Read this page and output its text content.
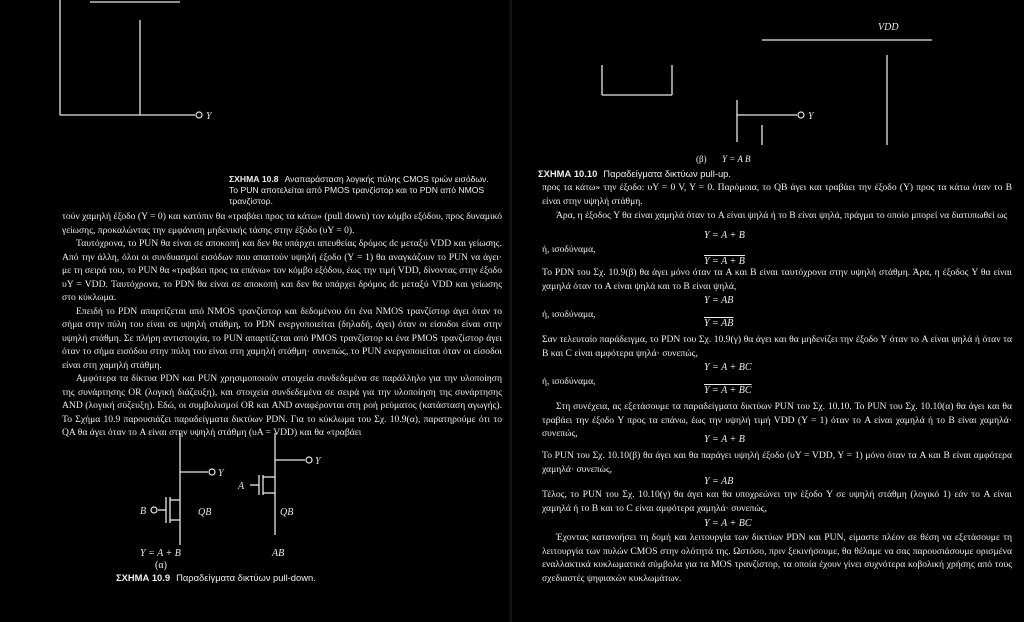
Y
ΣΧΗΜΑ 10.8 Αναπαράσταση λογικής πύλης CMOS τριών εισόδων. Το PUN αποτελείται από PMOS τρανζίστορ και το PDN από NMOS τρανζίστορ.

τούν χαμηλή έξοδο (Y = 0) και κατόπιν θα «τραβάει προς τα κάτω» (pull down) τον κόμβο εξόδου, προς δυναμικό γείωσης, προκαλώντας την εμφάνιση μηδενικής τάσης στην έξοδο (υY = 0).

Ταυτόχρονα, το PUN θα είναι σε αποκοπή και δεν θα υπάρχει απευθείας δρόμος dc μεταξύ VDD και γείωσης. Από την άλλη, όλοι οι συνδυασμοί εισόδων που απαιτούν υψηλή έξοδο (Y = 1) θα αναγκάζουν το PUN να άγει· με τη σειρά του, το PUN θα «τραβάει προς τα επάνω» τον κόμβο εξόδου, έως την τιμή VDD, δίνοντας στην έξοδο υY = VDD. Ταυτόχρονα, το PDN θα είναι σε αποκοπή και δεν θα υπάρχει δρόμος dc μεταξύ VDD και γείωσης στο κύκλωμα.

Επειδή το PDN απαρτίζεται από NMOS τρανζίστορ και δεδομένου ότι ένα NMOS τρανζίστορ άγει όταν το σήμα στην πύλη του είναι σε υψηλή στάθμη, το PDN ενεργοποιείται (δηλαδή, άγει) όταν οι είσοδοι είναι στην υψηλή στάθμη. Σε πλήρη αντιστοιχία, το PUN απαρτίζεται από PMOS τρανζίστορ κι ένα PMOS τρανζίστορ άγει όταν το σήμα εισόδου στην πύλη του είναι στη χαμηλή στάθμη· συνεπώς, το PUN ενεργοποιείται όταν οι είσοδοι είναι στη χαμηλή στάθμη.

Αμφότερα τα δίκτυα PDN και PUN χρησιμοποιούν στοιχεία συνδεδεμένα σε παράλληλο για την υλοποίηση της συνάρτησης OR (λογική διάζευξη), και στοιχεία συνδεδεμένα σε σειρά για την υλοποίηση της συνάρτησης AND (λογική σύζευξη). Εδώ, οι συμβολισμοί OR και AND αναφέρονται στη ροή ρεύματος (κατάσταση αγωγής). Το Σχήμα 10.9 παρουσιάζει παραδείγματα δικτύων PDN. Για το κύκλωμα του Σχ. 10.9(α), παρατηρούμε ότι το QA θα άγει όταν το A είναι στην υψηλή στάθμη (υA = VDD) και θα «τραβάει

Y
B	QB
Y
A
QB
Y = A + B
(α)
AB
ΣΧΗΜΑ 10.9 Παραδείγματα δικτύων pull-down.
VDD
Y
(β) Y = A B
ΣΧΗΜΑ 10.10 Παραδείγματα δικτύων pull-up.

προς τα κάτω» την έξοδο: υY = 0 V, Y = 0. Παρόμοια, το QB άγει και τραβάει την έξοδο (Y) προς τα κάτω όταν το B είναι στην υψηλή στάθμη.

Άρα, η έξοδος Y θα είναι χαμηλά όταν το A είναι ψηλά ή το B είναι ψηλά, πράγμα το οποίο μπορεί να διατυπωθεί ως

Y = A + B
ή, ισοδύναμα,
Y = A + B

Το PDN του Σχ. 10.9(β) θα άγει μόνο όταν τα A και B είναι ταυτόχρονα στην υψηλή στάθμη. Άρα, η έξοδος Y θα είναι χαμηλά όταν το A είναι ψηλά και το B είναι ψηλά,

Y = AB
ή, ισοδύναμα,
Y = AB

Σαν τελευταίο παράδειγμα, το PDN του Σχ. 10.9(γ) θα άγει και θα μηδενίζει την έξοδο Y όταν το A είναι ψηλά ή όταν τα B και C είναι αμφότερα ψηλά· συνεπώς,

Y = A + BC
ή, ισοδύναμα,
Y = A + BC

Στη συνέχεια, ας εξετάσουμε τα παραδείγματα δικτύων PUN του Σχ. 10.10. Το PUN του Σχ. 10.10(α) θα άγει και θα τραβάει την έξοδο Y προς τα επάνω, έως την υψηλή τιμή VDD (Y = 1) όταν το A είναι χαμηλά ή το B είναι χαμηλά· συνεπώς,

Y = A + B

Το PUN του Σχ. 10.10(β) θα άγει και θα παράγει υψηλή έξοδο (υY = VDD, Y = 1) μόνο όταν τα A και B είναι αμφότερα χαμηλά· συνεπώς,

Y = AB

Τέλος, το PUN του Σχ. 10.10(γ) θα άγει και θα υποχρεώνει την έξοδο Y σε υψηλή στάθμη (λογικό 1) εάν το A είναι χαμηλά ή το B και το C είναι αμφότερα χαμηλά· συνεπώς,

Y = A + BC

Έχοντας κατανοήσει τη δομή και λειτουργία των δικτύων PDN και PUN, είμαστε πλέον σε θέση να εξετάσουμε τη λειτουργία των πυλών CMOS στην ολότητά της. Ωστόσο, πριν ξεκινήσουμε, θα θέλαμε να σας παρουσιάσουμε ορισμένα εναλλακτικά κυκλωματικά σύμβολα για τα MOS τρανζίστορ, τα οποία έχουν γίνει συχνότερα κοβολική χρήσης από τους σχεδιαστές ψηφιακών κυκλωμάτων.
